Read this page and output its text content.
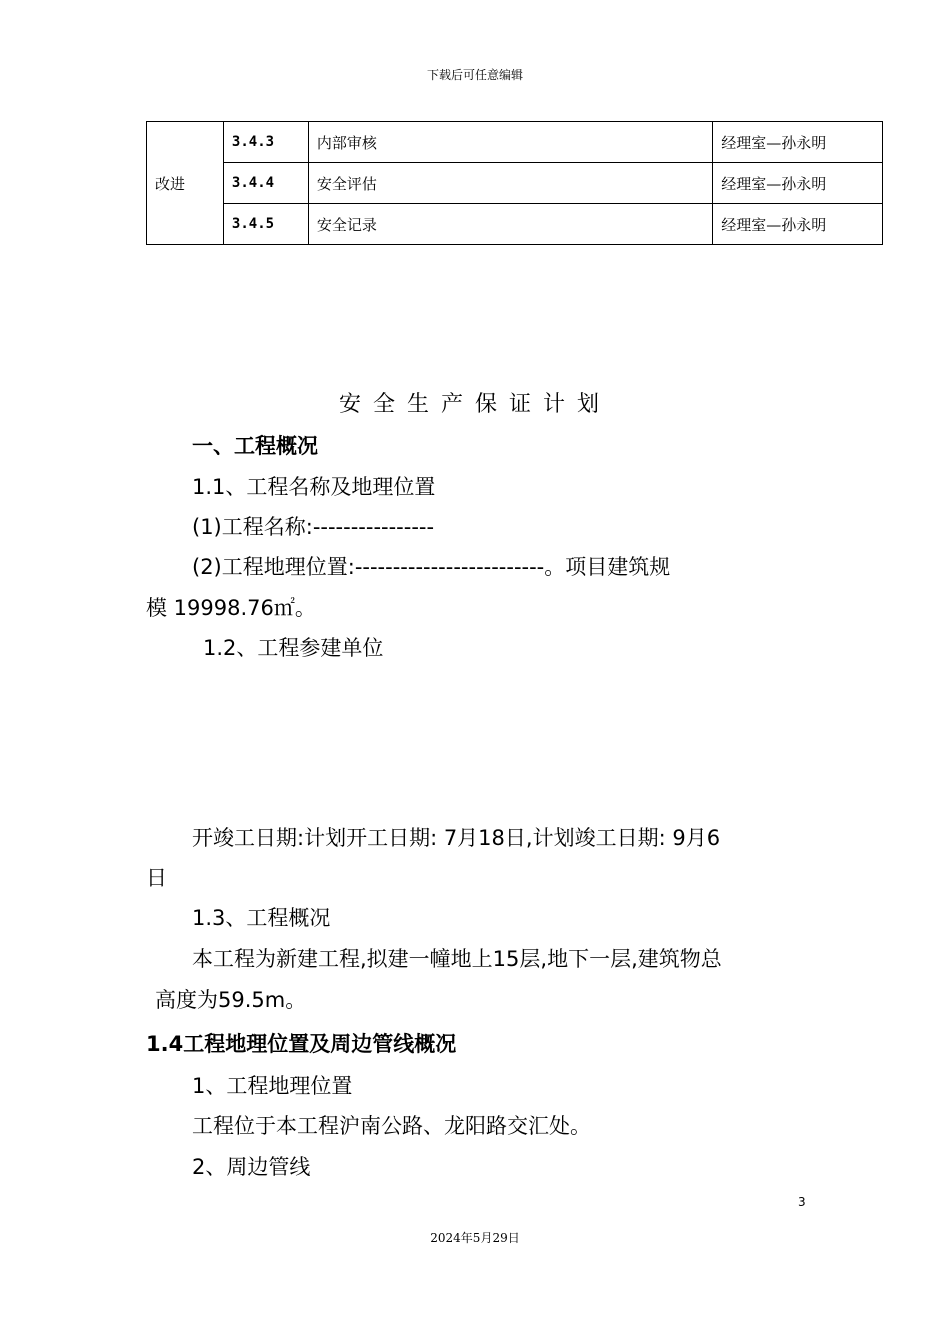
下载后可任意编辑
改进	3.4.3	内部审核	经理室—孙永明
	3.4.4	安全评估	经理室—孙永明
	3.4.5	安全记录	经理室—孙永明
安全生产保证计划
一、工程概况
1.1、工程名称及地理位置
(1)工程名称:----------------
(2)工程地理位置:-------------------------。项目建筑规
模 19998.76㎡。
1.2、工程参建单位
开竣工日期:计划开工日期: 7月18日,计划竣工日期: 9月6
日
1.3、工程概况
本工程为新建工程,拟建一幢地上15层,地下一层,建筑物总
高度为59.5m。
1.4工程地理位置及周边管线概况
1、工程地理位置
工程位于本工程沪南公路、龙阳路交汇处。
2、周边管线
3
2024年5月29日
